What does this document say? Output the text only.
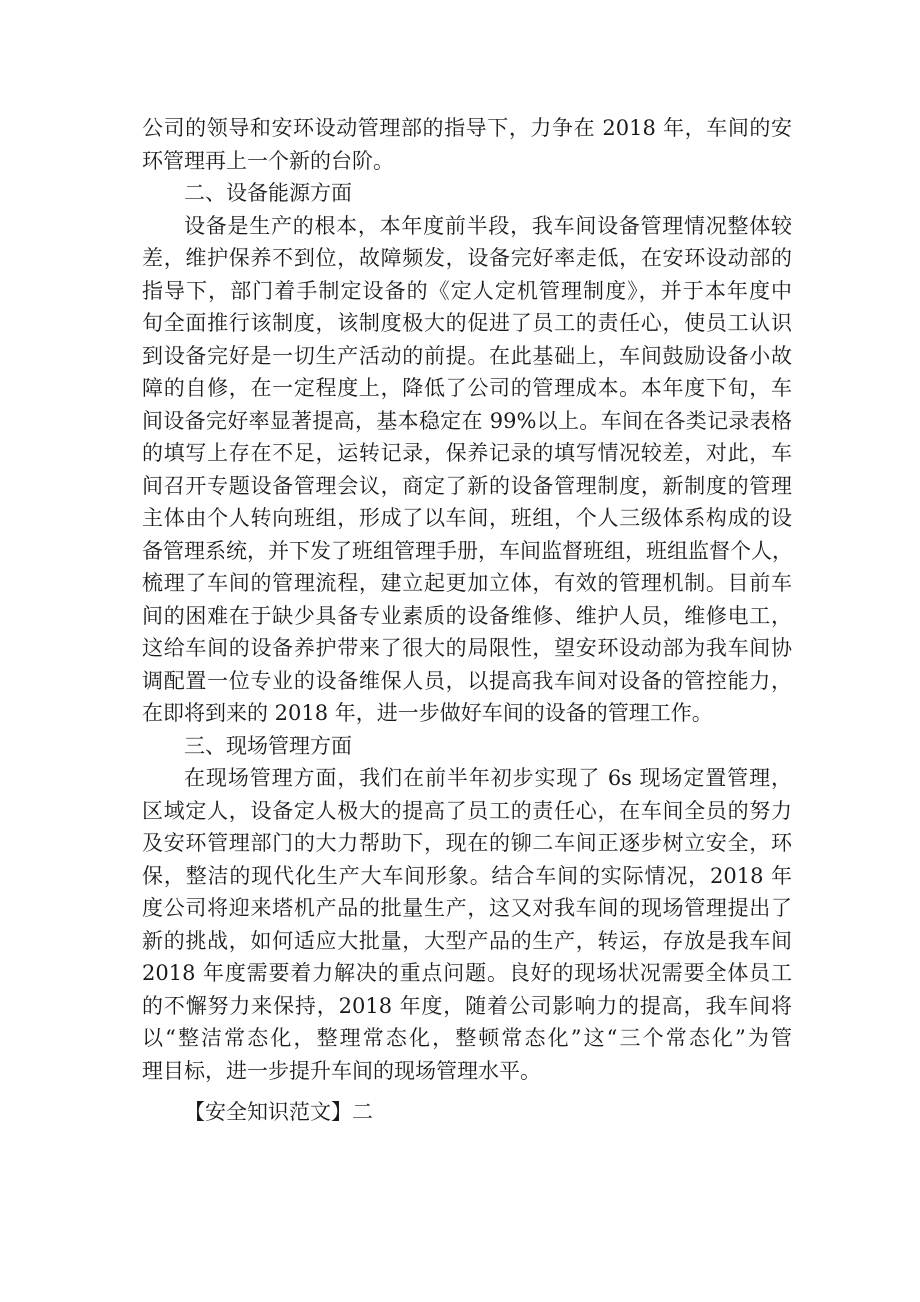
公司的领导和安环设动管理部的指导下，力争在 2018 年，车间的安
环管理再上一个新的台阶。
二、设备能源方面
设备是生产的根本，本年度前半段，我车间设备管理情况整体较
差，维护保养不到位，故障频发，设备完好率走低，在安环设动部的
指导下，部门着手制定设备的《定人定机管理制度》，并于本年度中
旬全面推行该制度，该制度极大的促进了员工的责任心，使员工认识
到设备完好是一切生产活动的前提。在此基础上，车间鼓励设备小故
障的自修，在一定程度上，降低了公司的管理成本。本年度下旬，车
间设备完好率显著提高，基本稳定在 99%以上。车间在各类记录表格
的填写上存在不足，运转记录，保养记录的填写情况较差，对此，车
间召开专题设备管理会议，商定了新的设备管理制度，新制度的管理
主体由个人转向班组，形成了以车间，班组，个人三级体系构成的设
备管理系统，并下发了班组管理手册，车间监督班组，班组监督个人，
梳理了车间的管理流程，建立起更加立体，有效的管理机制。目前车
间的困难在于缺少具备专业素质的设备维修、维护人员，维修电工，
这给车间的设备养护带来了很大的局限性，望安环设动部为我车间协
调配置一位专业的设备维保人员，以提高我车间对设备的管控能力，
在即将到来的 2018 年，进一步做好车间的设备的管理工作。
三、现场管理方面
在现场管理方面，我们在前半年初步实现了 6s 现场定置管理，
区域定人，设备定人极大的提高了员工的责任心，在车间全员的努力
及安环管理部门的大力帮助下，现在的铆二车间正逐步树立安全，环
保，整洁的现代化生产大车间形象。结合车间的实际情况，2018 年
度公司将迎来塔机产品的批量生产，这又对我车间的现场管理提出了
新的挑战，如何适应大批量，大型产品的生产，转运，存放是我车间
2018 年度需要着力解决的重点问题。良好的现场状况需要全体员工
的不懈努力来保持，2018 年度，随着公司影响力的提高，我车间将
以“整洁常态化，整理常态化，整顿常态化”这“三个常态化”为管
理目标，进一步提升车间的现场管理水平。
【安全知识范文】二
